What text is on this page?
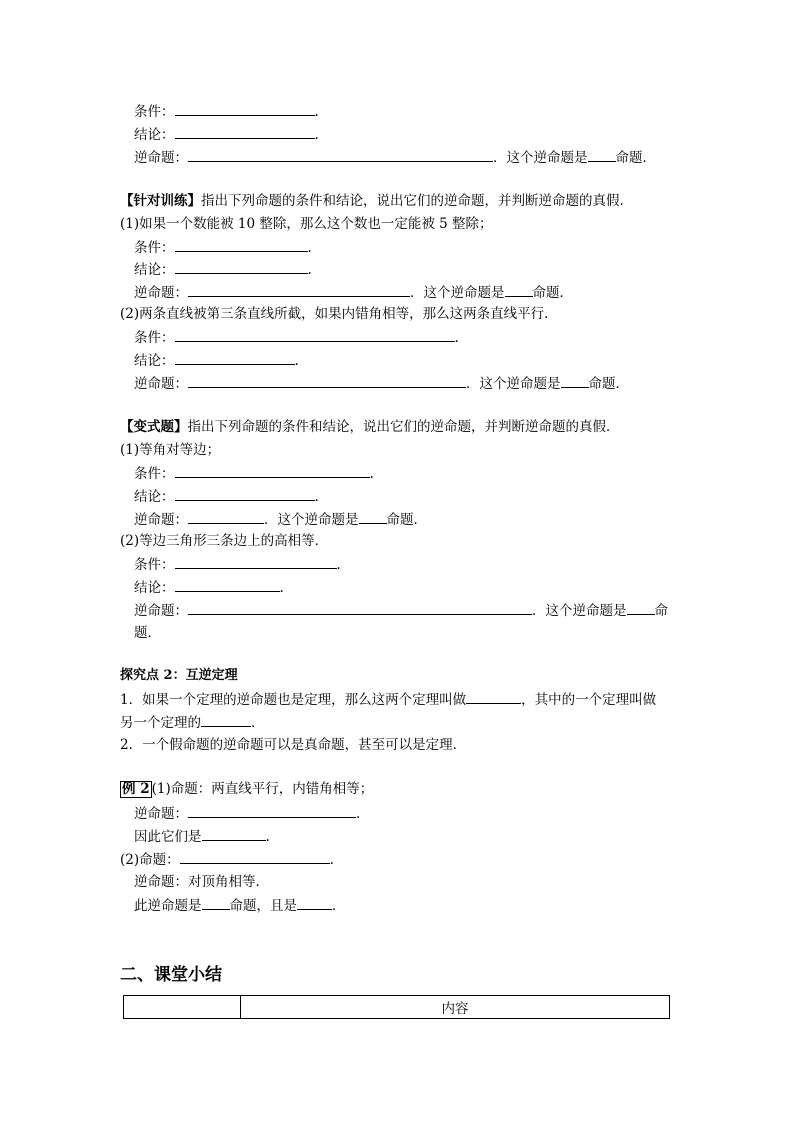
条件：	.
结论：	.
逆命题：	．这个逆命题是 命题．
【针对训练】指出下列命题的条件和结论，说出它们的逆命题，并判断逆命题的真假．
(1)如果一个数能被 10 整除，那么这个数也一定能被 5 整除；
条件：	.
结论：	.
逆命题：	．这个逆命题是 命题．
(2)两条直线被第三条直线所截，如果内错角相等，那么这两条直线平行．
条件：	.
结论：	.
逆命题：	．这个逆命题是 命题．
【变式题】指出下列命题的条件和结论，说出它们的逆命题，并判断逆命题的真假．
(1)等角对等边；
条件：	.
结论：	.
逆命题：	．这个逆命题是 命题．
(2)等边三角形三条边上的高相等．
条件：	.
结论：	.
逆命题：	．这个逆命题是 命
题．
探究点 2：互逆定理
1．如果一个定理的逆命题也是定理，那么这两个定理叫做	，其中的一个定理叫做
另一个定理的	．
2．一个假命题的逆命题可以是真命题，甚至可以是定理．
例 2 (1)命题：两直线平行，内错角相等；
逆命题：	.
因此它们是	.
(2)命题：	.
逆命题：对顶角相等．
此逆命题是 命题，且是	．
二、课堂小结
	内容
